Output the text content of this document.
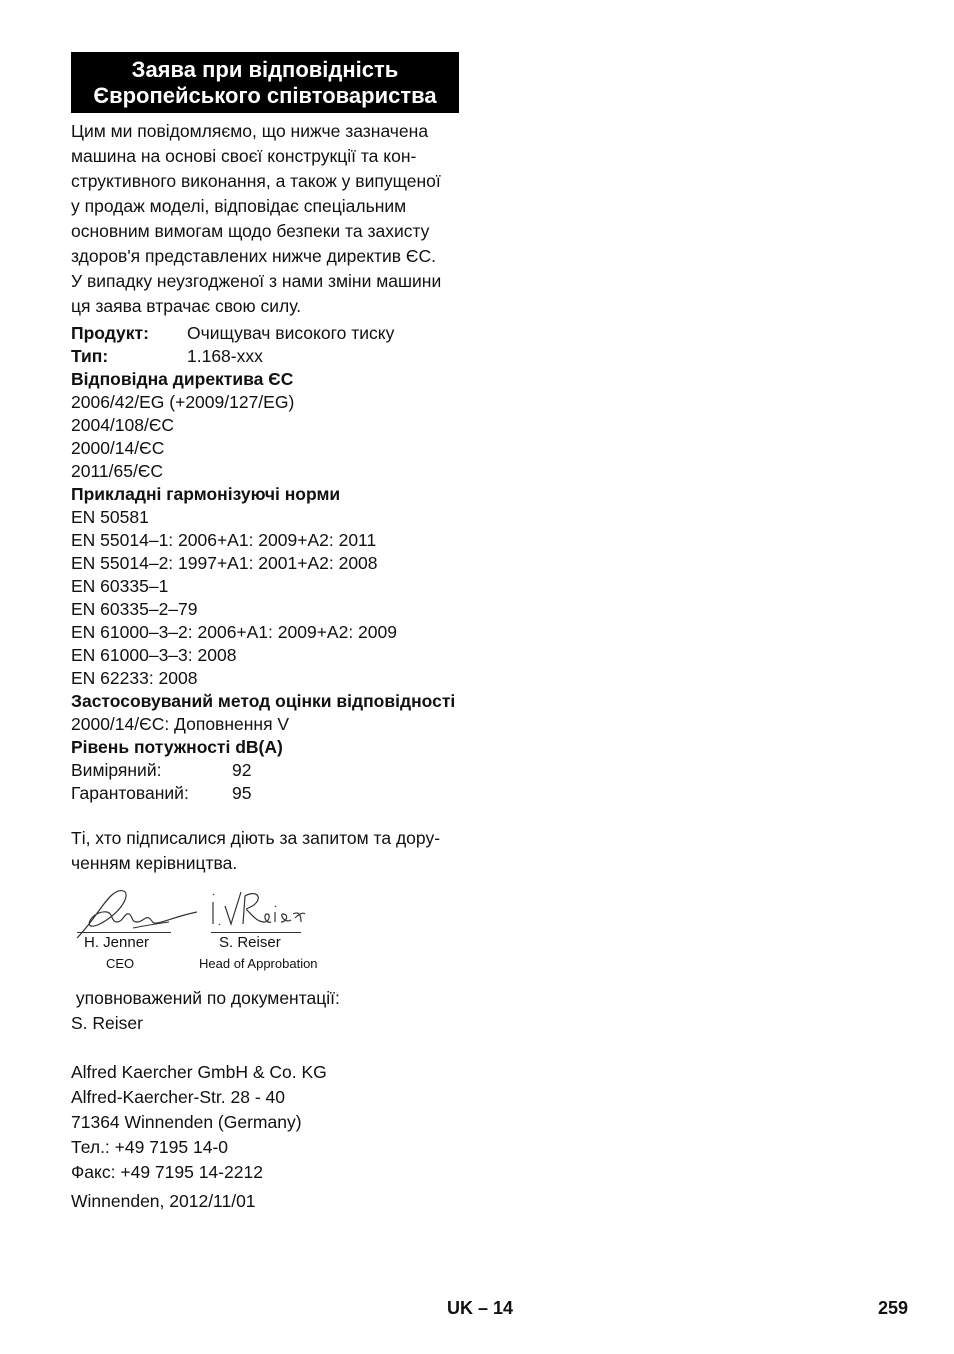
Заява при відповідність
Європейського співтовариства

Цим ми повідомляємо, що нижче зазначена
машина на основі своєї конструкції та кон-
структивного виконання, а також у випущеної
у продаж моделі, відповідає спеціальним
основним вимогам щодо безпеки та захисту
здоров'я представлених нижче директив ЄС.
У випадку неузгодженої з нами зміни машини
ця заява втрачає свою силу.

Продукт:	Очищувач високого тиску
Тип:	1.168-xxx
Відповідна директива ЄС
2006/42/EG (+2009/127/EG)
2004/108/ЄС
2000/14/ЄС
2011/65/ЄС
Прикладні гармонізуючі норми
EN 50581
EN 55014–1: 2006+A1: 2009+A2: 2011
EN 55014–2: 1997+A1: 2001+A2: 2008
EN 60335–1
EN 60335–2–79
EN 61000–3–2: 2006+A1: 2009+A2: 2009
EN 61000–3–3: 2008
EN 62233: 2008
Застосовуваний метод оцінки відповідності
2000/14/ЄС: Доповнення V
Рівень потужності dB(A)
Виміряний:	92
Гарантований:	95
Ті, хто підписалися діють за запитом та дору-
ченням керівництва.
H. Jenner	S. Reiser
CEO	Head of Approbation
уповноважений по документації:
S. Reiser
Alfred Kaercher GmbH & Co. KG
Alfred-Kaercher-Str. 28 - 40
71364 Winnenden (Germany)
Тел.: +49 7195 14-0
Факс: +49 7195 14-2212
Winnenden, 2012/11/01
UK – 14	259
